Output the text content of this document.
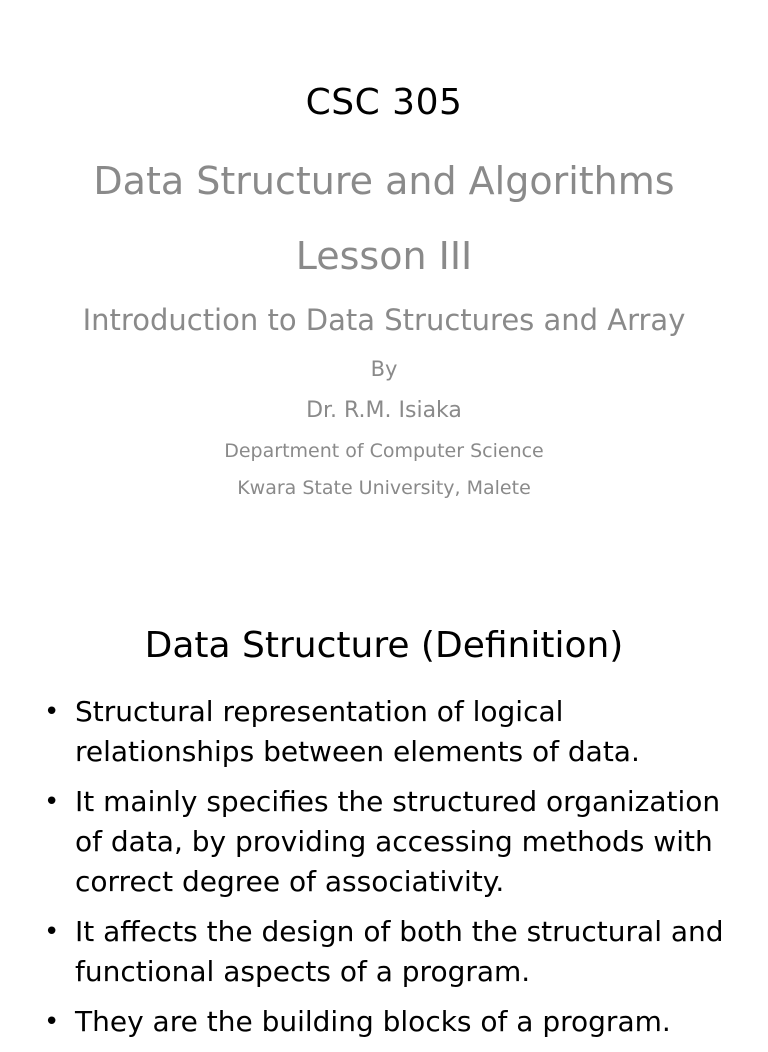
CSC 305
Data Structure and Algorithms
Lesson III
Introduction to Data Structures and Array
By
Dr. R.M. Isiaka
Department of Computer Science
Kwara State University, Malete
Data Structure (Definition)
• Structural representation of logical relationships between elements of data.
• It mainly specifies the structured organization of data, by providing accessing methods with correct degree of associativity.
• It affects the design of both the structural and functional aspects of a program.
• They are the building blocks of a program.
